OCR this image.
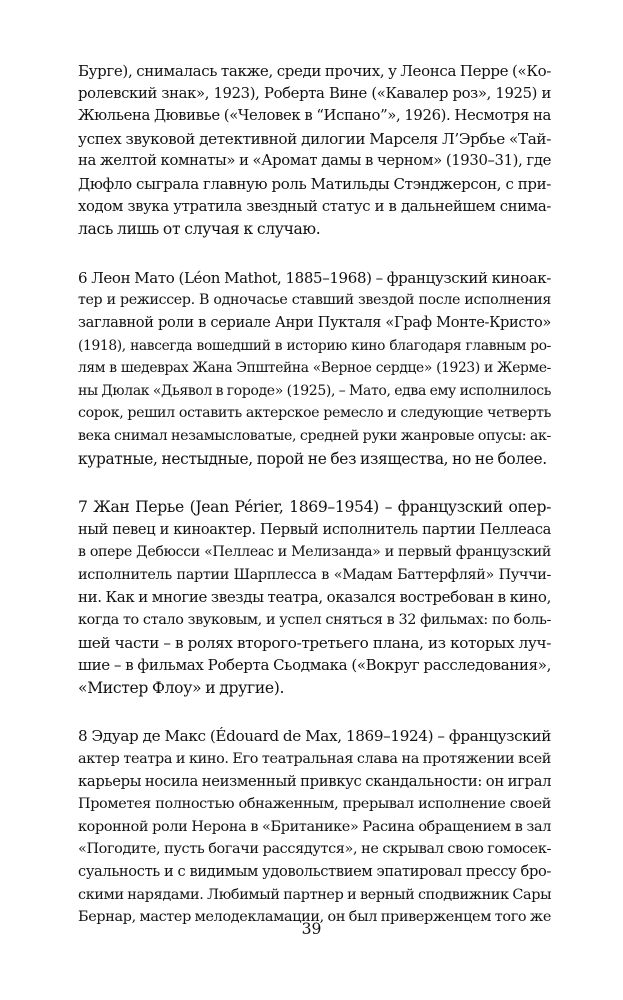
Бурге), снималась также, среди прочих, у Леонса Перре («Ко-
ролевский знак», 1923), Роберта Вине («Кавалер роз», 1925) и
Жюльена Дювивье («Человек в “Испано”», 1926). Несмотря на
успех звуковой детективной дилогии Марселя Л’Эрбье «Тай-
на желтой комнаты» и «Аромат дамы в черном» (1930–31), где
Дюфло сыграла главную роль Матильды Стэнджерсон, с при-
ходом звука утратила звездный статус и в дальнейшем снима-
лась лишь от случая к случаю.

6 Леон Мато (Léon Mathot, 1885–1968) – французский киноак-
тер и режиссер. В одночасье ставший звездой после исполнения
заглавной роли в сериале Анри Пукталя «Граф Монте-Кристо»
(1918), навсегда вошедший в историю кино благодаря главным ро-
лям в шедеврах Жана Эпштейна «Верное сердце» (1923) и Жерме-
ны Дюлак «Дьявол в городе» (1925), – Мато, едва ему исполнилось
сорок, решил оставить актерское ремесло и следующие четверть
века снимал незамысловатые, средней руки жанровые опусы: ак-
куратные, нестыдные, порой не без изящества, но не более.

7 Жан Перье (Jean Périer, 1869–1954) – французский опер-
ный певец и киноактер. Первый исполнитель партии Пеллеаса
в опере Дебюсси «Пеллеас и Мелизанда» и первый французский
исполнитель партии Шарплесса в «Мадам Баттерфляй» Пуччи-
ни. Как и многие звезды театра, оказался востребован в кино,
когда то стало звуковым, и успел сняться в 32 фильмах: по боль-
шей части – в ролях второго-третьего плана, из которых луч-
шие – в фильмах Роберта Сьодмака («Вокруг расследования»,
«Мистер Флоу» и другие).

8 Эдуар де Макс (Édouard de Max, 1869–1924) – французский
актер театра и кино. Его театральная слава на протяжении всей
карьеры носила неизменный привкус скандальности: он играл
Прометея полностью обнаженным, прерывал исполнение своей
коронной роли Нерона в «Британике» Расина обращением в зал
«Погодите, пусть богачи рассядутся», не скрывал свою гомосек-
суальность и с видимым удовольствием эпатировал прессу бро-
скими нарядами. Любимый партнер и верный сподвижник Сары
Бернар, мастер мелодекламации, он был приверженцем того же

39
